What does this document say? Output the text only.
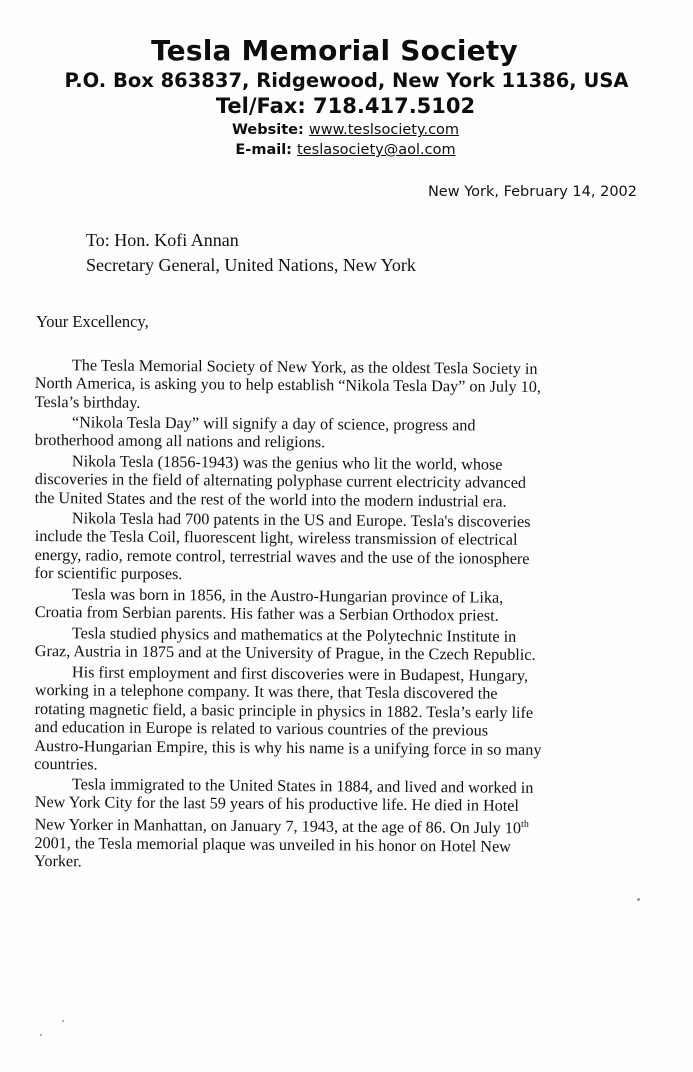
Tesla Memorial Society
P.O. Box 863837, Ridgewood, New York 11386, USA
Tel/Fax: 718.417.5102
Website: www.teslsociety.com
E-mail: teslasociety@aol.com
New York, February 14, 2002
To: Hon. Kofi Annan
Secretary General, United Nations, New York
Your Excellency,
The Tesla Memorial Society of New York, as the oldest Tesla Society in
North America, is asking you to help establish “Nikola Tesla Day” on July 10,
Tesla’s birthday.
“Nikola Tesla Day” will signify a day of science, progress and
brotherhood among all nations and religions.
Nikola Tesla (1856-1943) was the genius who lit the world, whose
discoveries in the field of alternating polyphase current electricity advanced
the United States and the rest of the world into the modern industrial era.
Nikola Tesla had 700 patents in the US and Europe. Tesla's discoveries
include the Tesla Coil, fluorescent light, wireless transmission of electrical
energy, radio, remote control, terrestrial waves and the use of the ionosphere
for scientific purposes.
Tesla was born in 1856, in the Austro-Hungarian province of Lika,
Croatia from Serbian parents. His father was a Serbian Orthodox priest.
Tesla studied physics and mathematics at the Polytechnic Institute in
Graz, Austria in 1875 and at the University of Prague, in the Czech Republic.
His first employment and first discoveries were in Budapest, Hungary,
working in a telephone company. It was there, that Tesla discovered the
rotating magnetic field, a basic principle in physics in 1882. Tesla’s early life
and education in Europe is related to various countries of the previous
Austro-Hungarian Empire, this is why his name is a unifying force in so many
countries.
Tesla immigrated to the United States in 1884, and lived and worked in
New York City for the last 59 years of his productive life. He died in Hotel
New Yorker in Manhattan, on January 7, 1943, at the age of 86. On July 10th
2001, the Tesla memorial plaque was unveiled in his honor on Hotel New
Yorker.
